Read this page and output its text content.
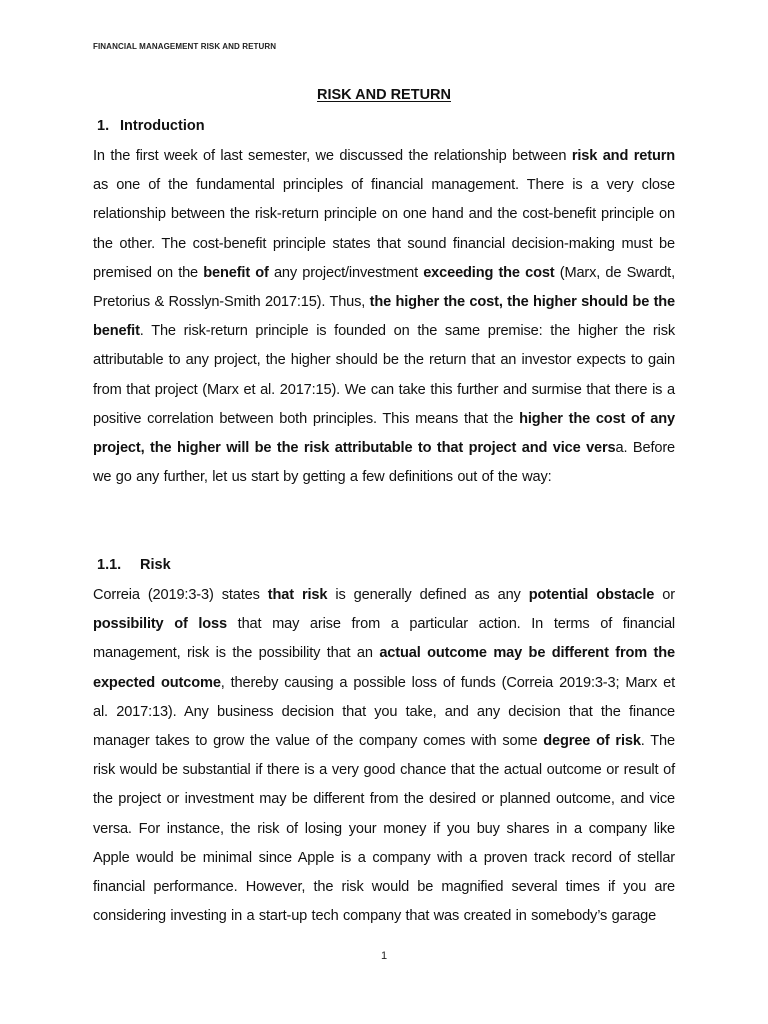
FINANCIAL MANAGEMENT RISK AND RETURN
RISK AND RETURN
1. Introduction
In the first week of last semester, we discussed the relationship between risk and return as one of the fundamental principles of financial management. There is a very close relationship between the risk-return principle on one hand and the cost-benefit principle on the other. The cost-benefit principle states that sound financial decision-making must be premised on the benefit of any project/investment exceeding the cost (Marx, de Swardt, Pretorius & Rosslyn-Smith 2017:15). Thus, the higher the cost, the higher should be the benefit. The risk-return principle is founded on the same premise: the higher the risk attributable to any project, the higher should be the return that an investor expects to gain from that project (Marx et al. 2017:15). We can take this further and surmise that there is a positive correlation between both principles. This means that the higher the cost of any project, the higher will be the risk attributable to that project and vice versa. Before we go any further, let us start by getting a few definitions out of the way:
1.1. Risk
Correia (2019:3-3) states that risk is generally defined as any potential obstacle or possibility of loss that may arise from a particular action. In terms of financial management, risk is the possibility that an actual outcome may be different from the expected outcome, thereby causing a possible loss of funds (Correia 2019:3-3; Marx et al. 2017:13). Any business decision that you take, and any decision that the finance manager takes to grow the value of the company comes with some degree of risk. The risk would be substantial if there is a very good chance that the actual outcome or result of the project or investment may be different from the desired or planned outcome, and vice versa. For instance, the risk of losing your money if you buy shares in a company like Apple would be minimal since Apple is a company with a proven track record of stellar financial performance. However, the risk would be magnified several times if you are considering investing in a start-up tech company that was created in somebody’s garage
1
